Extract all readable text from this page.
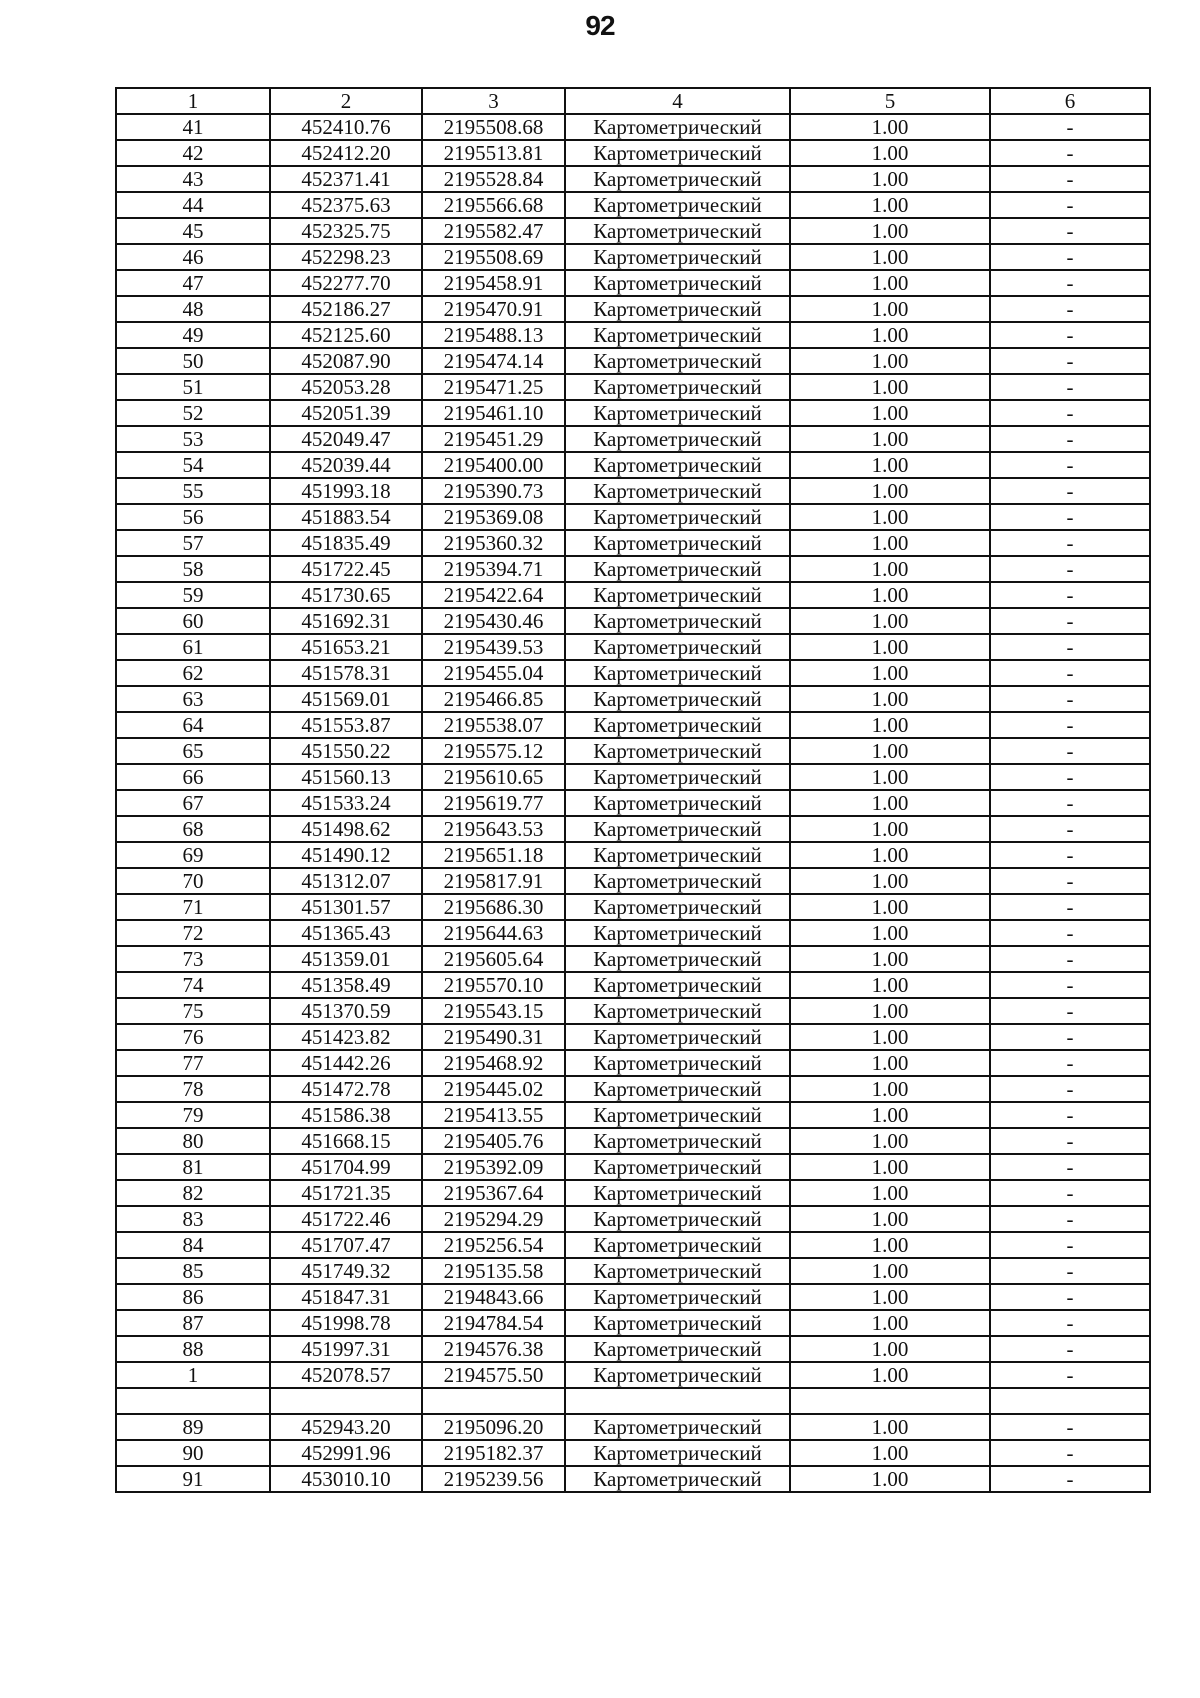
92
1	2	3	4	5	6
41	452410.76	2195508.68	Картометрический	1.00	-
42	452412.20	2195513.81	Картометрический	1.00	-
43	452371.41	2195528.84	Картометрический	1.00	-
44	452375.63	2195566.68	Картометрический	1.00	-
45	452325.75	2195582.47	Картометрический	1.00	-
46	452298.23	2195508.69	Картометрический	1.00	-
47	452277.70	2195458.91	Картометрический	1.00	-
48	452186.27	2195470.91	Картометрический	1.00	-
49	452125.60	2195488.13	Картометрический	1.00	-
50	452087.90	2195474.14	Картометрический	1.00	-
51	452053.28	2195471.25	Картометрический	1.00	-
52	452051.39	2195461.10	Картометрический	1.00	-
53	452049.47	2195451.29	Картометрический	1.00	-
54	452039.44	2195400.00	Картометрический	1.00	-
55	451993.18	2195390.73	Картометрический	1.00	-
56	451883.54	2195369.08	Картометрический	1.00	-
57	451835.49	2195360.32	Картометрический	1.00	-
58	451722.45	2195394.71	Картометрический	1.00	-
59	451730.65	2195422.64	Картометрический	1.00	-
60	451692.31	2195430.46	Картометрический	1.00	-
61	451653.21	2195439.53	Картометрический	1.00	-
62	451578.31	2195455.04	Картометрический	1.00	-
63	451569.01	2195466.85	Картометрический	1.00	-
64	451553.87	2195538.07	Картометрический	1.00	-
65	451550.22	2195575.12	Картометрический	1.00	-
66	451560.13	2195610.65	Картометрический	1.00	-
67	451533.24	2195619.77	Картометрический	1.00	-
68	451498.62	2195643.53	Картометрический	1.00	-
69	451490.12	2195651.18	Картометрический	1.00	-
70	451312.07	2195817.91	Картометрический	1.00	-
71	451301.57	2195686.30	Картометрический	1.00	-
72	451365.43	2195644.63	Картометрический	1.00	-
73	451359.01	2195605.64	Картометрический	1.00	-
74	451358.49	2195570.10	Картометрический	1.00	-
75	451370.59	2195543.15	Картометрический	1.00	-
76	451423.82	2195490.31	Картометрический	1.00	-
77	451442.26	2195468.92	Картометрический	1.00	-
78	451472.78	2195445.02	Картометрический	1.00	-
79	451586.38	2195413.55	Картометрический	1.00	-
80	451668.15	2195405.76	Картометрический	1.00	-
81	451704.99	2195392.09	Картометрический	1.00	-
82	451721.35	2195367.64	Картометрический	1.00	-
83	451722.46	2195294.29	Картометрический	1.00	-
84	451707.47	2195256.54	Картометрический	1.00	-
85	451749.32	2195135.58	Картометрический	1.00	-
86	451847.31	2194843.66	Картометрический	1.00	-
87	451998.78	2194784.54	Картометрический	1.00	-
88	451997.31	2194576.38	Картометрический	1.00	-
1	452078.57	2194575.50	Картометрический	1.00	-

89	452943.20	2195096.20	Картометрический	1.00	-
90	452991.96	2195182.37	Картометрический	1.00	-
91	453010.10	2195239.56	Картометрический	1.00	-
